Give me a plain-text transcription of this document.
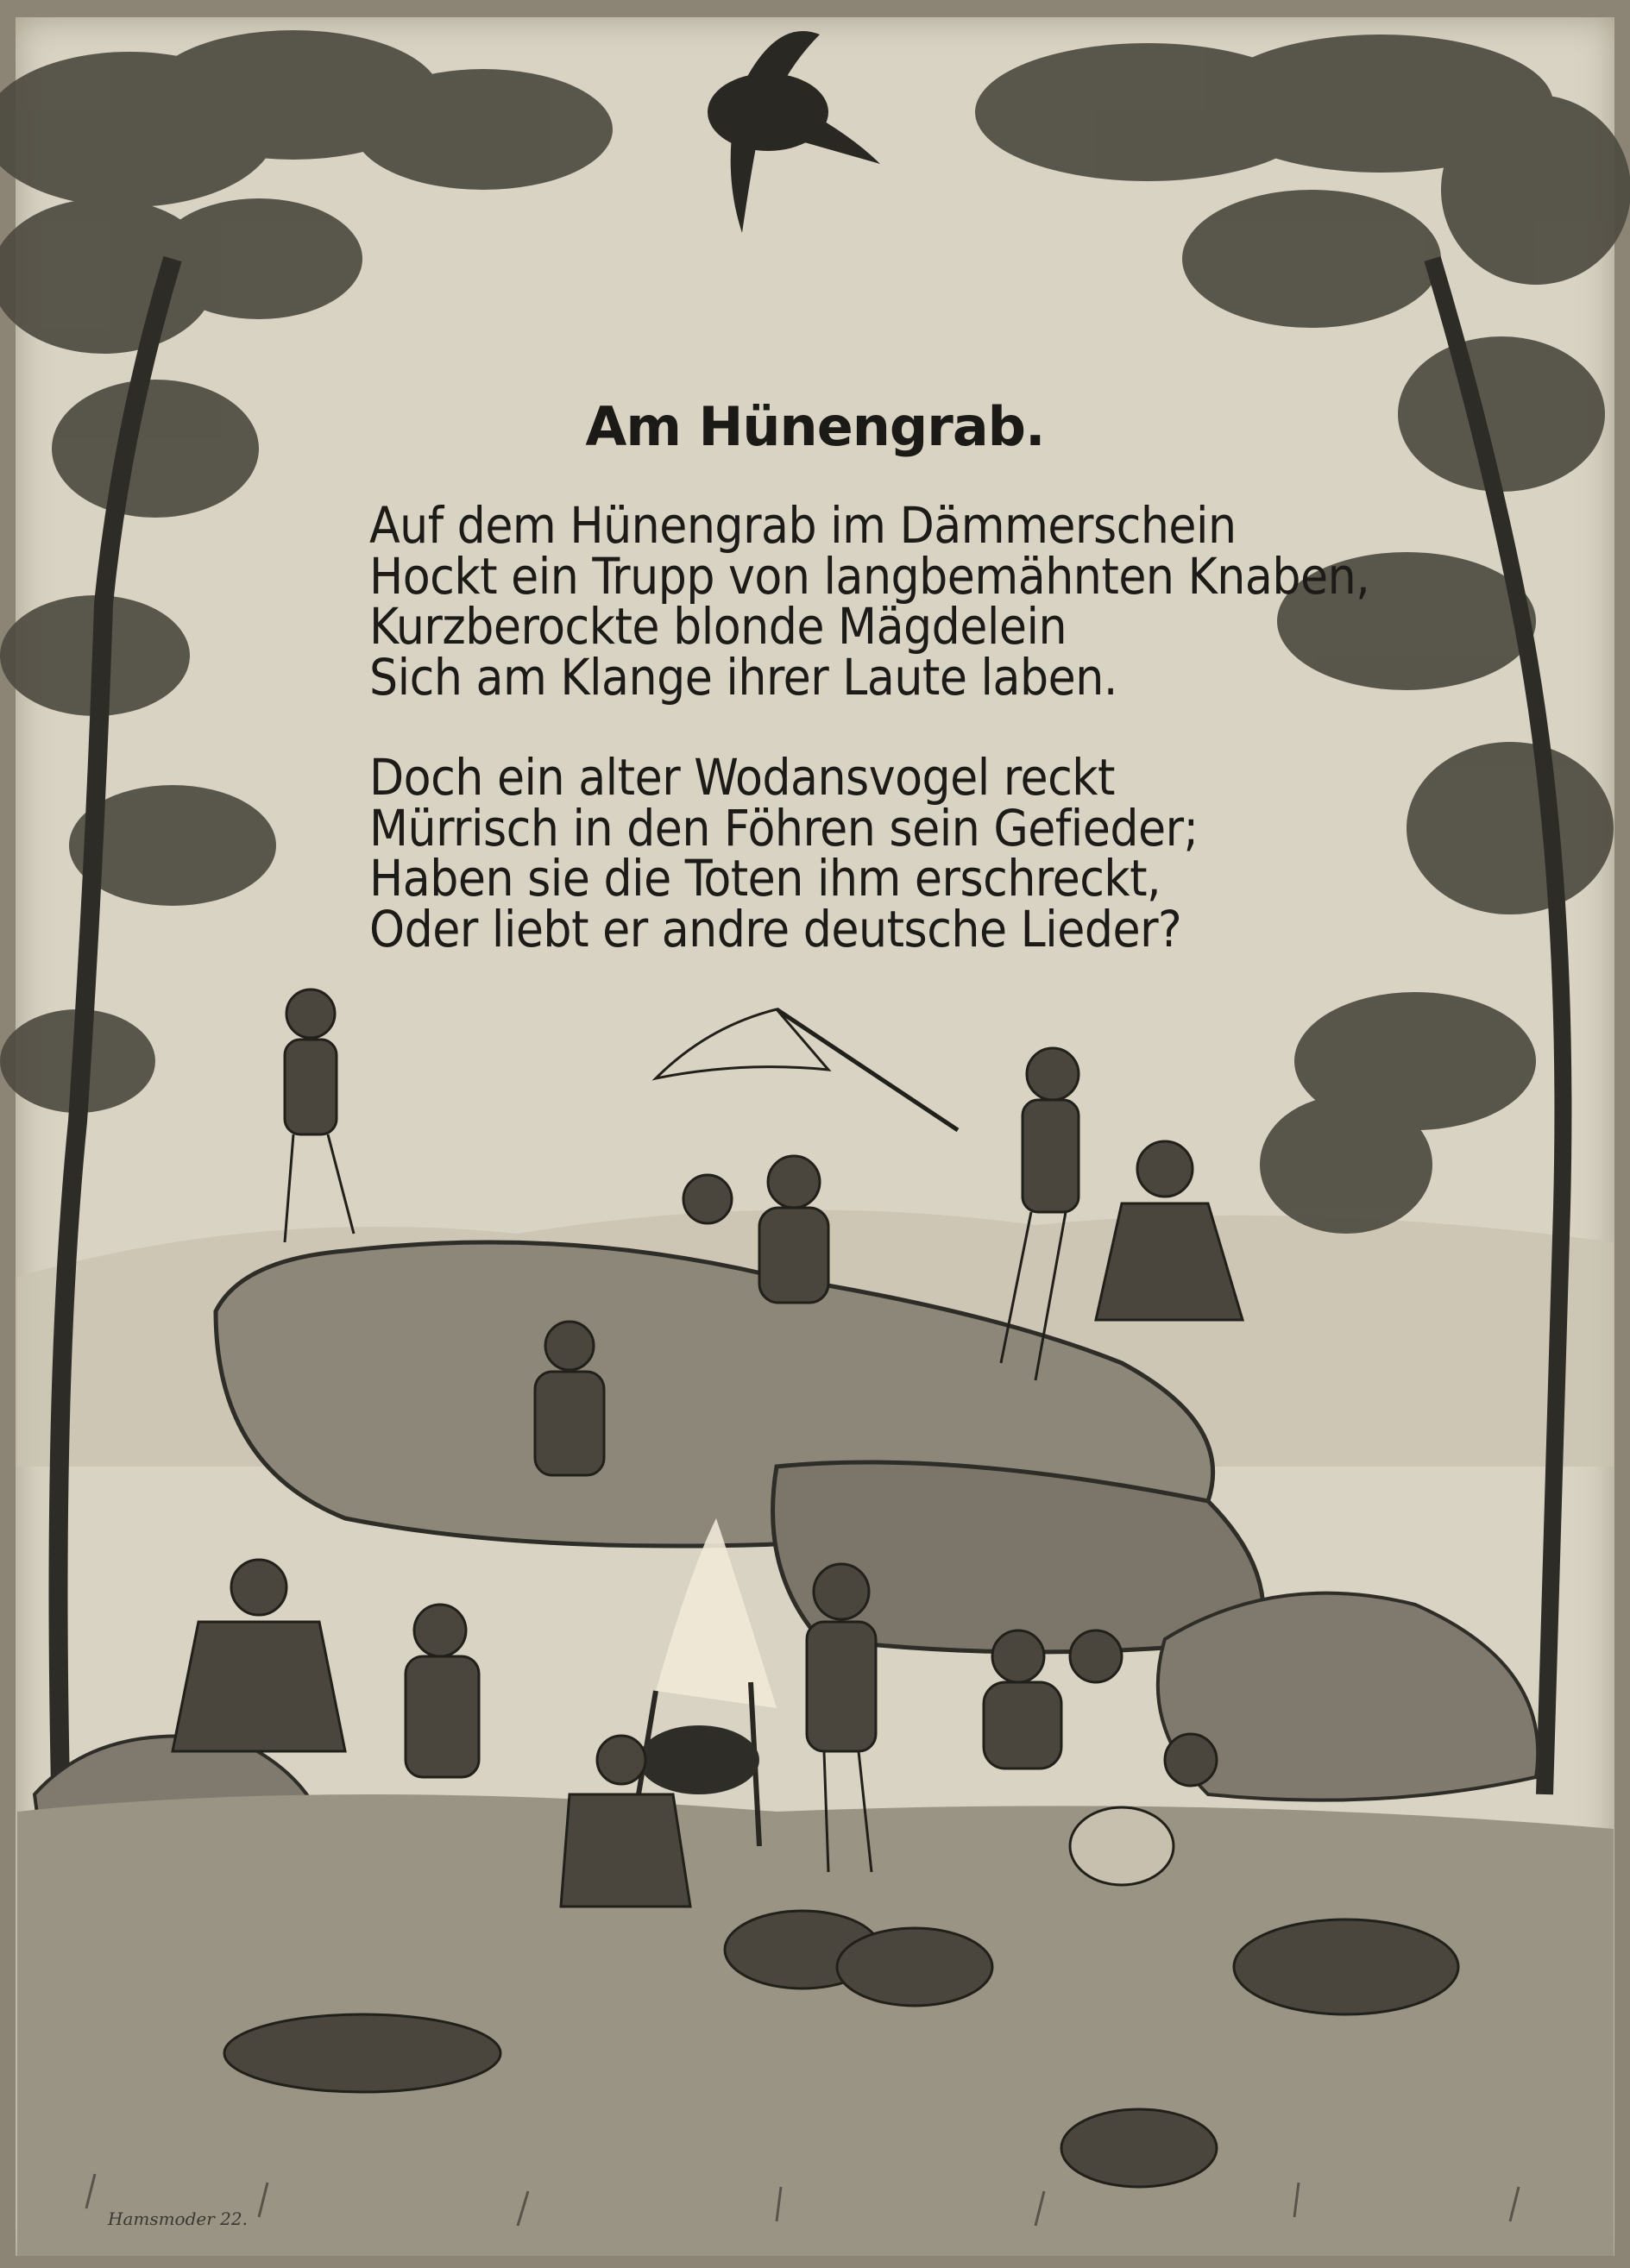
Am Hünengrab.
Auf dem Hünengrab im Dämmerschein
Hockt ein Trupp von langbemähnten Knaben,
Kurzberockte blonde Mägdelein
Sich am Klange ihrer Laute laben.
Doch ein alter Wodansvogel reckt
Mürrisch in den Föhren sein Gefieder;
Haben sie die Toten ihm erschreckt,
Oder liebt er andre deutsche Lieder?
Hamsmoder 22.
